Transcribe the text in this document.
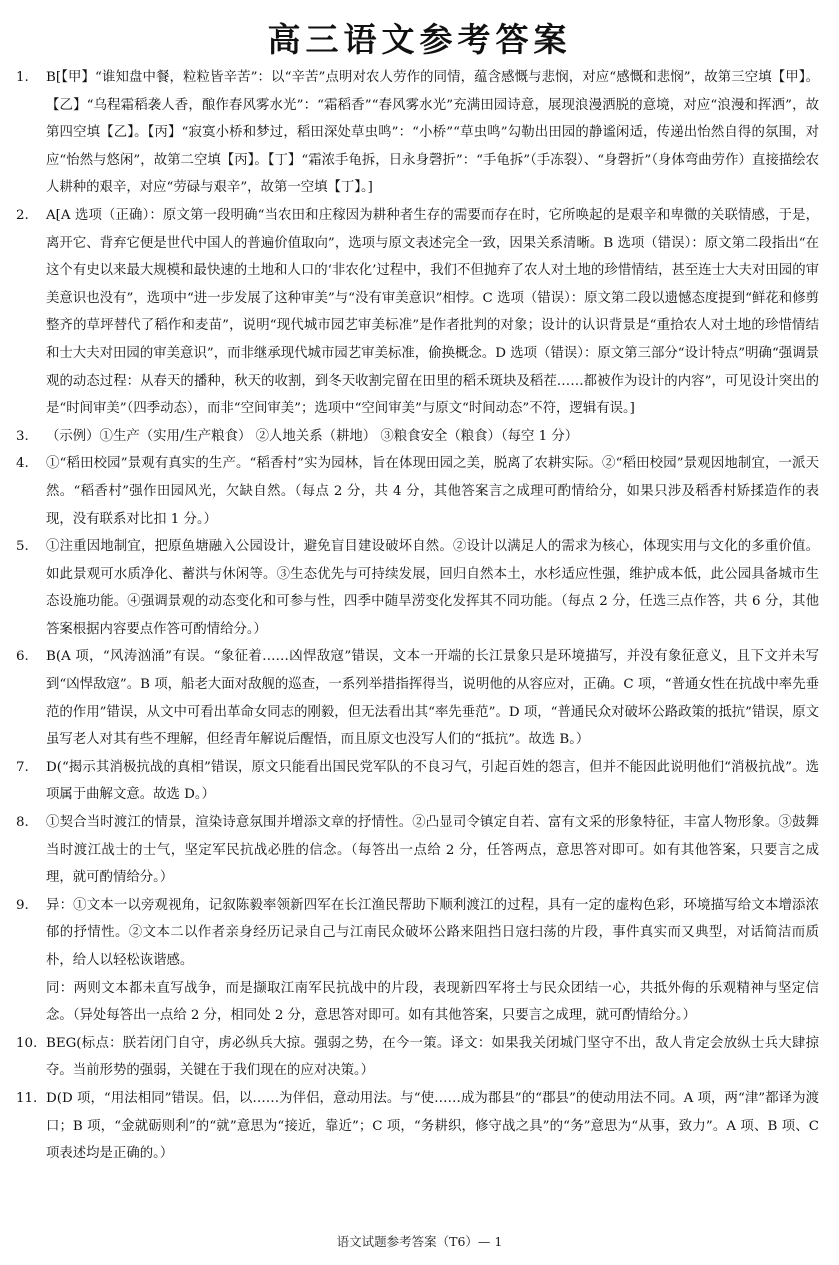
高三语文参考答案
1. B[【甲】“谁知盘中餐，粒粒皆辛苦”：以“辛苦”点明对农人劳作的同情，蕴含感慨与悲悯，对应“感慨和悲悯”，故第三空填【甲】。【乙】“乌程霜稻袭人香，酿作春风雾水光”：“霜稻香”“春风雾水光”充满田园诗意，展现浪漫洒脱的意境，对应“浪漫和挥洒”，故第四空填【乙】。【丙】“寂寞小桥和梦过，稻田深处草虫鸣”：“小桥”“草虫鸣”勾勒出田园的静谧闲适，传递出怡然自得的氛围，对应“怡然与悠闲”，故第二空填【丙】。【丁】“霜浓手龟拆，日永身磬折”：“手龟拆”（手冻裂）、“身磬折”（身体弯曲劳作）直接描绘农人耕种的艰辛，对应“劳碌与艰辛”，故第一空填【丁】。]

2. A[A 选项（正确）：原文第一段明确“当农田和庄稼因为耕种者生存的需要而存在时，它所唤起的是艰辛和卑微的关联情感，于是，离开它、背弃它便是世代中国人的普遍价值取向”，选项与原文表述完全一致，因果关系清晰。B 选项（错误）：原文第二段指出“在这个有史以来最大规模和最快速的土地和人口的‘非农化’过程中，我们不但抛弃了农人对土地的珍惜情结，甚至连士大夫对田园的审美意识也没有”，选项中“进一步发展了这种审美”与“没有审美意识”相悖。C 选项（错误）：原文第二段以遗憾态度提到“鲜花和修剪整齐的草坪替代了稻作和麦苗”，说明“现代城市园艺审美标准”是作者批判的对象；设计的认识背景是“重拾农人对土地的珍惜情结和士大夫对田园的审美意识”，而非继承现代城市园艺审美标准，偷换概念。D 选项（错误）：原文第三部分“设计特点”明确“强调景观的动态过程：从春天的播种，秋天的收割，到冬天收割完留在田里的稻禾斑块及稻茬……都被作为设计的内容”，可见设计突出的是“时间审美”（四季动态），而非“空间审美”；选项中“空间审美”与原文“时间动态”不符，逻辑有误。]

3. （示例）①生产（实用/生产粮食） ②人地关系（耕地） ③粮食安全（粮食）（每空 1 分）

4. ①“稻田校园”景观有真实的生产。“稻香村”实为园林，旨在体现田园之美，脱离了农耕实际。②“稻田校园”景观因地制宜，一派天然。“稻香村”强作田园风光，欠缺自然。（每点 2 分，共 4 分，其他答案言之成理可酌情给分，如果只涉及稻香村矫揉造作的表现，没有联系对比扣 1 分。）

5. ①注重因地制宜，把原鱼塘融入公园设计，避免盲目建设破坏自然。②设计以满足人的需求为核心，体现实用与文化的多重价值。如此景观可水质净化、蓄洪与休闲等。③生态优先与可持续发展，回归自然本土，水杉适应性强，维护成本低，此公园具备城市生态设施功能。④强调景观的动态变化和可参与性，四季中随旱涝变化发挥其不同功能。（每点 2 分，任选三点作答，共 6 分，其他答案根据内容要点作答可酌情给分。）

6. B(A 项，“风涛汹涌”有误。“象征着……凶悍敌寇”错误，文本一开端的长江景象只是环境描写，并没有象征意义，且下文并未写到“凶悍敌寇”。B 项，船老大面对敌舰的巡查，一系列举措指挥得当，说明他的从容应对，正确。C 项，“普通女性在抗战中率先垂范的作用”错误，从文中可看出革命女同志的刚毅，但无法看出其“率先垂范”。D 项，“普通民众对破坏公路政策的抵抗”错误，原文虽写老人对其有些不理解，但经青年解说后醒悟，而且原文也没写人们的“抵抗”。故选 B。）

7. D(“揭示其消极抗战的真相”错误，原文只能看出国民党军队的不良习气，引起百姓的怨言，但并不能因此说明他们“消极抗战”。选项属于曲解文意。故选 D。）

8. ①契合当时渡江的情景，渲染诗意氛围并增添文章的抒情性。②凸显司令镇定自若、富有文采的形象特征，丰富人物形象。③鼓舞当时渡江战士的士气，坚定军民抗战必胜的信念。（每答出一点给 2 分，任答两点，意思答对即可。如有其他答案，只要言之成理，就可酌情给分。）

9. 异：①文本一以旁观视角，记叙陈毅率领新四军在长江渔民帮助下顺利渡江的过程，具有一定的虚构色彩，环境描写给文本增添浓郁的抒情性。②文本二以作者亲身经历记录自己与江南民众破坏公路来阻挡日寇扫荡的片段，事件真实而又典型，对话简洁而质朴，给人以轻松诙谐感。

同：两则文本都未直写战争，而是撷取江南军民抗战中的片段，表现新四军将士与民众团结一心，共抵外侮的乐观精神与坚定信念。（异处每答出一点给 2 分，相同处 2 分，意思答对即可。如有其他答案，只要言之成理，就可酌情给分。）

10. BEG(标点：朕若闭门自守，虏必纵兵大掠。强弱之势，在今一策。译文：如果我关闭城门坚守不出，敌人肯定会放纵士兵大肆掠夺。当前形势的强弱，关键在于我们现在的应对决策。）

11. D(D 项，“用法相同”错误。侣，以……为伴侣，意动用法。与“使……成为郡县”的“郡县”的使动用法不同。A 项，两“津”都译为渡口；B 项，“金就砺则利”的“就”意思为“接近，靠近”；C 项，“务耕织，修守战之具”的“务”意思为“从事，致力”。A 项、B 项、C 项表述均是正确的。）

语文试题参考答案（T6）— 1
